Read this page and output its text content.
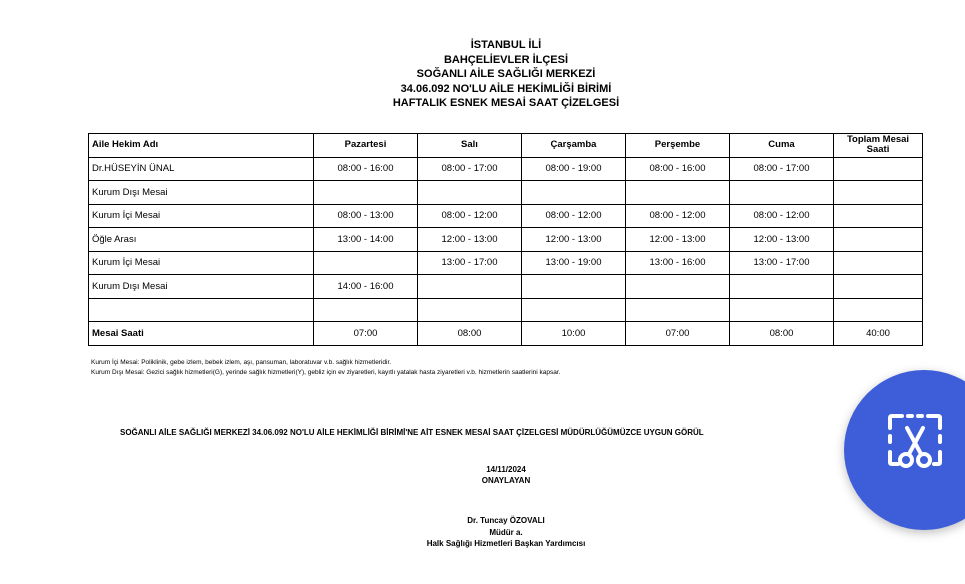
İSTANBUL İLİ
BAHÇELİEVLER İLÇESİ
SOĞANLI AİLE SAĞLIĞI MERKEZİ
34.06.092 NO'LU AİLE HEKİMLİĞİ BİRİMİ
HAFTALIK ESNEK MESAİ SAAT ÇİZELGESİ
Aile Hekim Adı	Pazartesi	Salı	Çarşamba	Perşembe	Cuma	Toplam Mesai Saati
Dr.HÜSEYİN ÜNAL	08:00 - 16:00	08:00 - 17:00	08:00 - 19:00	08:00 - 16:00	08:00 - 17:00	
Kurum Dışı Mesai						
Kurum İçi Mesai	08:00 - 13:00	08:00 - 12:00	08:00 - 12:00	08:00 - 12:00	08:00 - 12:00	
Öğle Arası	13:00 - 14:00	12:00 - 13:00	12:00 - 13:00	12:00 - 13:00	12:00 - 13:00	
Kurum İçi Mesai		13:00 - 17:00	13:00 - 19:00	13:00 - 16:00	13:00 - 17:00	
Kurum Dışı Mesai	14:00 - 16:00					

Mesai Saati	07:00	08:00	10:00	07:00	08:00	40:00
Kurum İçi Mesai: Poliklinik, gebe izlem, bebek izlem, aşı, pansuman, laboratuvar v.b. sağlık hizmetleridir.
Kurum Dışı Mesai: Gezici sağlık hizmetleri(G), yerinde sağlık hizmetleri(Y), gebliz için ev ziyaretleri, kayıtlı yatalak hasta ziyaretleri v.b. hizmetlerin saatlerini kapsar.
SOĞANLI AİLE SAĞLIĞI MERKEZİ 34.06.092 NO'LU AİLE HEKİMLİĞİ BİRİMİ'NE AİT ESNEK MESAİ SAAT ÇİZELGESİ MÜDÜRLÜĞÜMÜZCE UYGUN GÖRÜL
14/11/2024
ONAYLAYAN
Dr. Tuncay ÖZOVALI
Müdür a.
Halk Sağlığı Hizmetleri Başkan Yardımcısı
